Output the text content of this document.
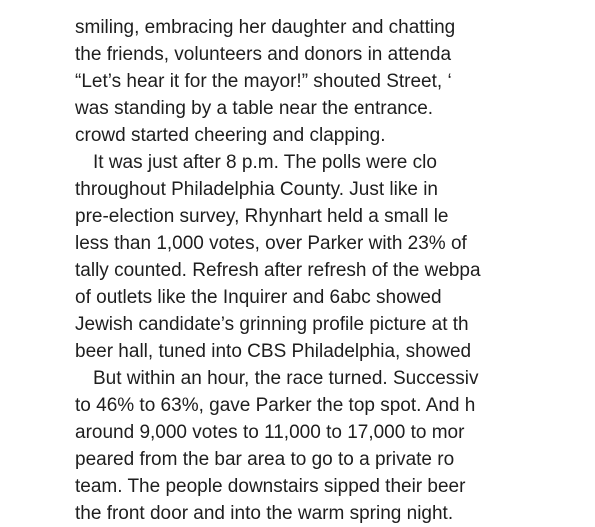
smiling, embracing her daughter and chatting
the friends, volunteers and donors in attenda
“Let’s hear it for the mayor!” shouted Street, ‘
was standing by a table near the entrance.
crowd started cheering and clapping.
It was just after 8 p.m. The polls were clo
throughout Philadelphia County. Just like in
pre-election survey, Rhynhart held a small le
less than 1,000 votes, over Parker with 23% of
tally counted. Refresh after refresh of the webpa
of outlets like the Inquirer and 6abc showed
Jewish candidate’s grinning profile picture at th
beer hall, tuned into CBS Philadelphia, showed
But within an hour, the race turned. Successiv
to 46% to 63%, gave Parker the top spot. And h
around 9,000 votes to 11,000 to 17,000 to mor
peared from the bar area to go to a private ro
team. The people downstairs sipped their beer
the front door and into the warm spring night.
